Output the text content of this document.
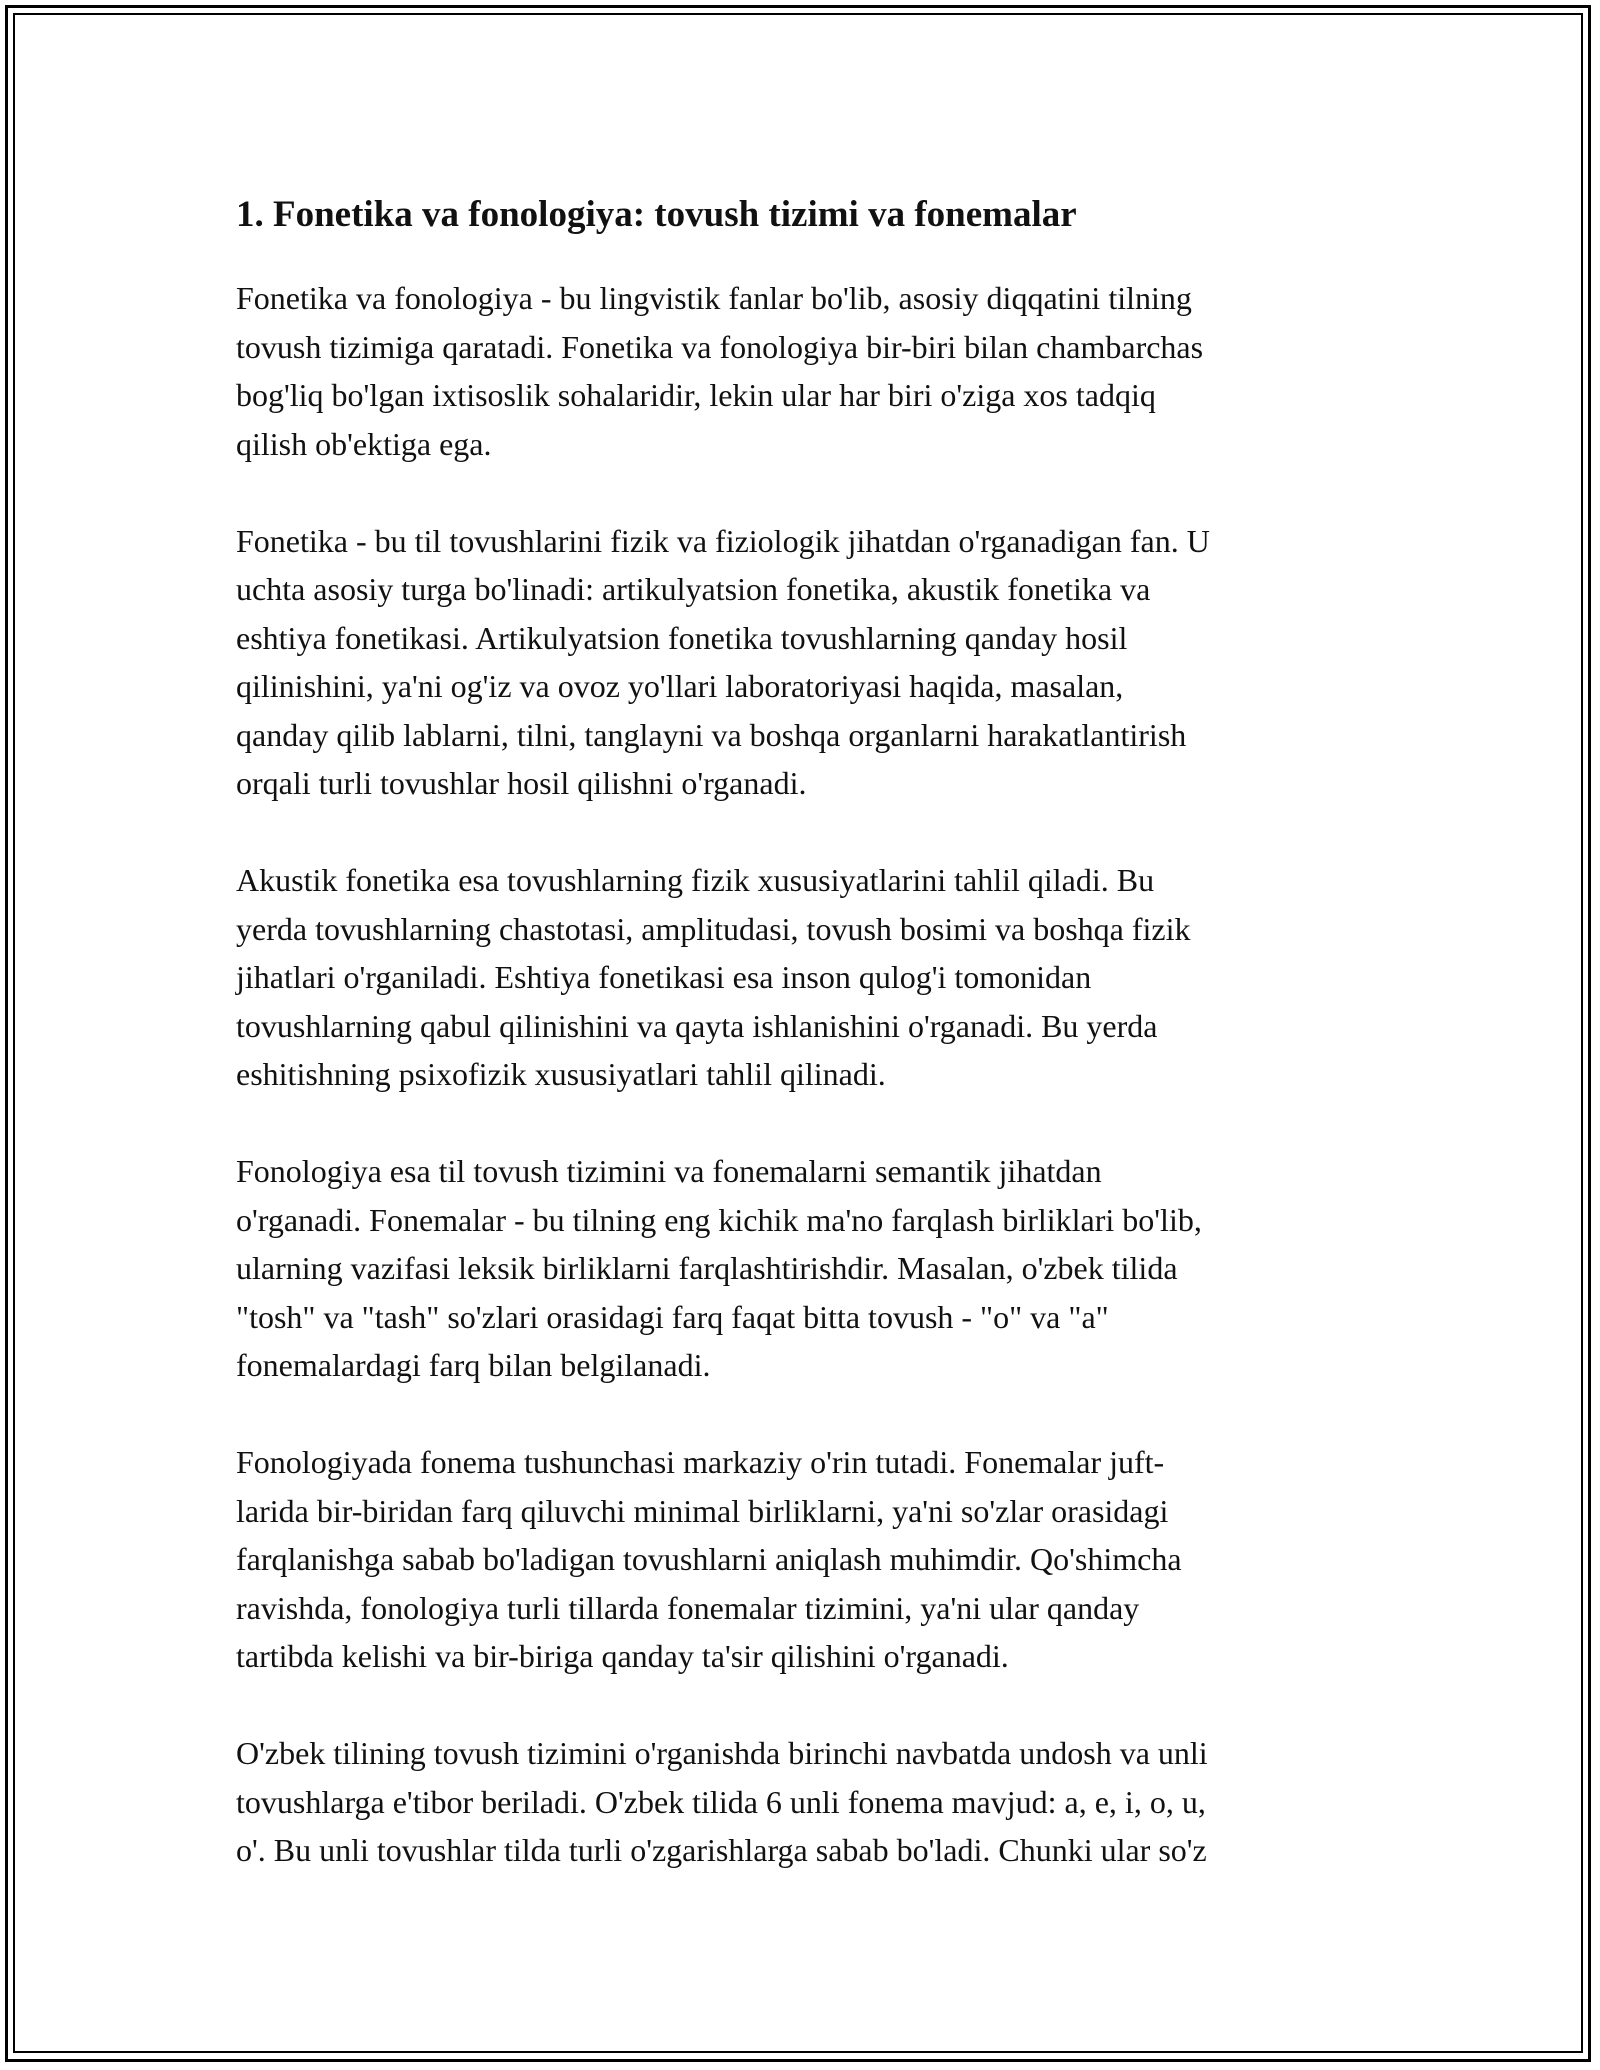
1. Fonetika va fonologiya: tovush tizimi va fonemalar

Fonetika va fonologiya - bu lingvistik fanlar bo'lib, asosiy diqqatini tilning
tovush tizimiga qaratadi. Fonetika va fonologiya bir-biri bilan chambarchas
bog'liq bo'lgan ixtisoslik sohalaridir, lekin ular har biri o'ziga xos tadqiq
qilish ob'ektiga ega.

Fonetika - bu til tovushlarini fizik va fiziologik jihatdan o'rganadigan fan. U
uchta asosiy turga bo'linadi: artikulyatsion fonetika, akustik fonetika va
eshtiya fonetikasi. Artikulyatsion fonetika tovushlarning qanday hosil
qilinishini, ya'ni og'iz va ovoz yo'llari laboratoriyasi haqida, masalan,
qanday qilib lablarni, tilni, tanglayni va boshqa organlarni harakatlantirish
orqali turli tovushlar hosil qilishni o'rganadi.

Akustik fonetika esa tovushlarning fizik xususiyatlarini tahlil qiladi. Bu
yerda tovushlarning chastotasi, amplitudasi, tovush bosimi va boshqa fizik
jihatlari o'rganiladi. Eshtiya fonetikasi esa inson qulog'i tomonidan
tovushlarning qabul qilinishini va qayta ishlanishini o'rganadi. Bu yerda
eshitishning psixofizik xususiyatlari tahlil qilinadi.

Fonologiya esa til tovush tizimini va fonemalarni semantik jihatdan
o'rganadi. Fonemalar - bu tilning eng kichik ma'no farqlash birliklari bo'lib,
ularning vazifasi leksik birliklarni farqlashtirishdir. Masalan, o'zbek tilida
"tosh" va "tash" so'zlari orasidagi farq faqat bitta tovush - "o" va "a"
fonemalardagi farq bilan belgilanadi.

Fonologiyada fonema tushunchasi markaziy o'rin tutadi. Fonemalar juft-
larida bir-biridan farq qiluvchi minimal birliklarni, ya'ni so'zlar orasidagi
farqlanishga sabab bo'ladigan tovushlarni aniqlash muhimdir. Qo'shimcha
ravishda, fonologiya turli tillarda fonemalar tizimini, ya'ni ular qanday
tartibda kelishi va bir-biriga qanday ta'sir qilishini o'rganadi.

O'zbek tilining tovush tizimini o'rganishda birinchi navbatda undosh va unli
tovushlarga e'tibor beriladi. O'zbek tilida 6 unli fonema mavjud: a, e, i, o, u,
o'. Bu unli tovushlar tilda turli o'zgarishlarga sabab bo'ladi. Chunki ular so'z
